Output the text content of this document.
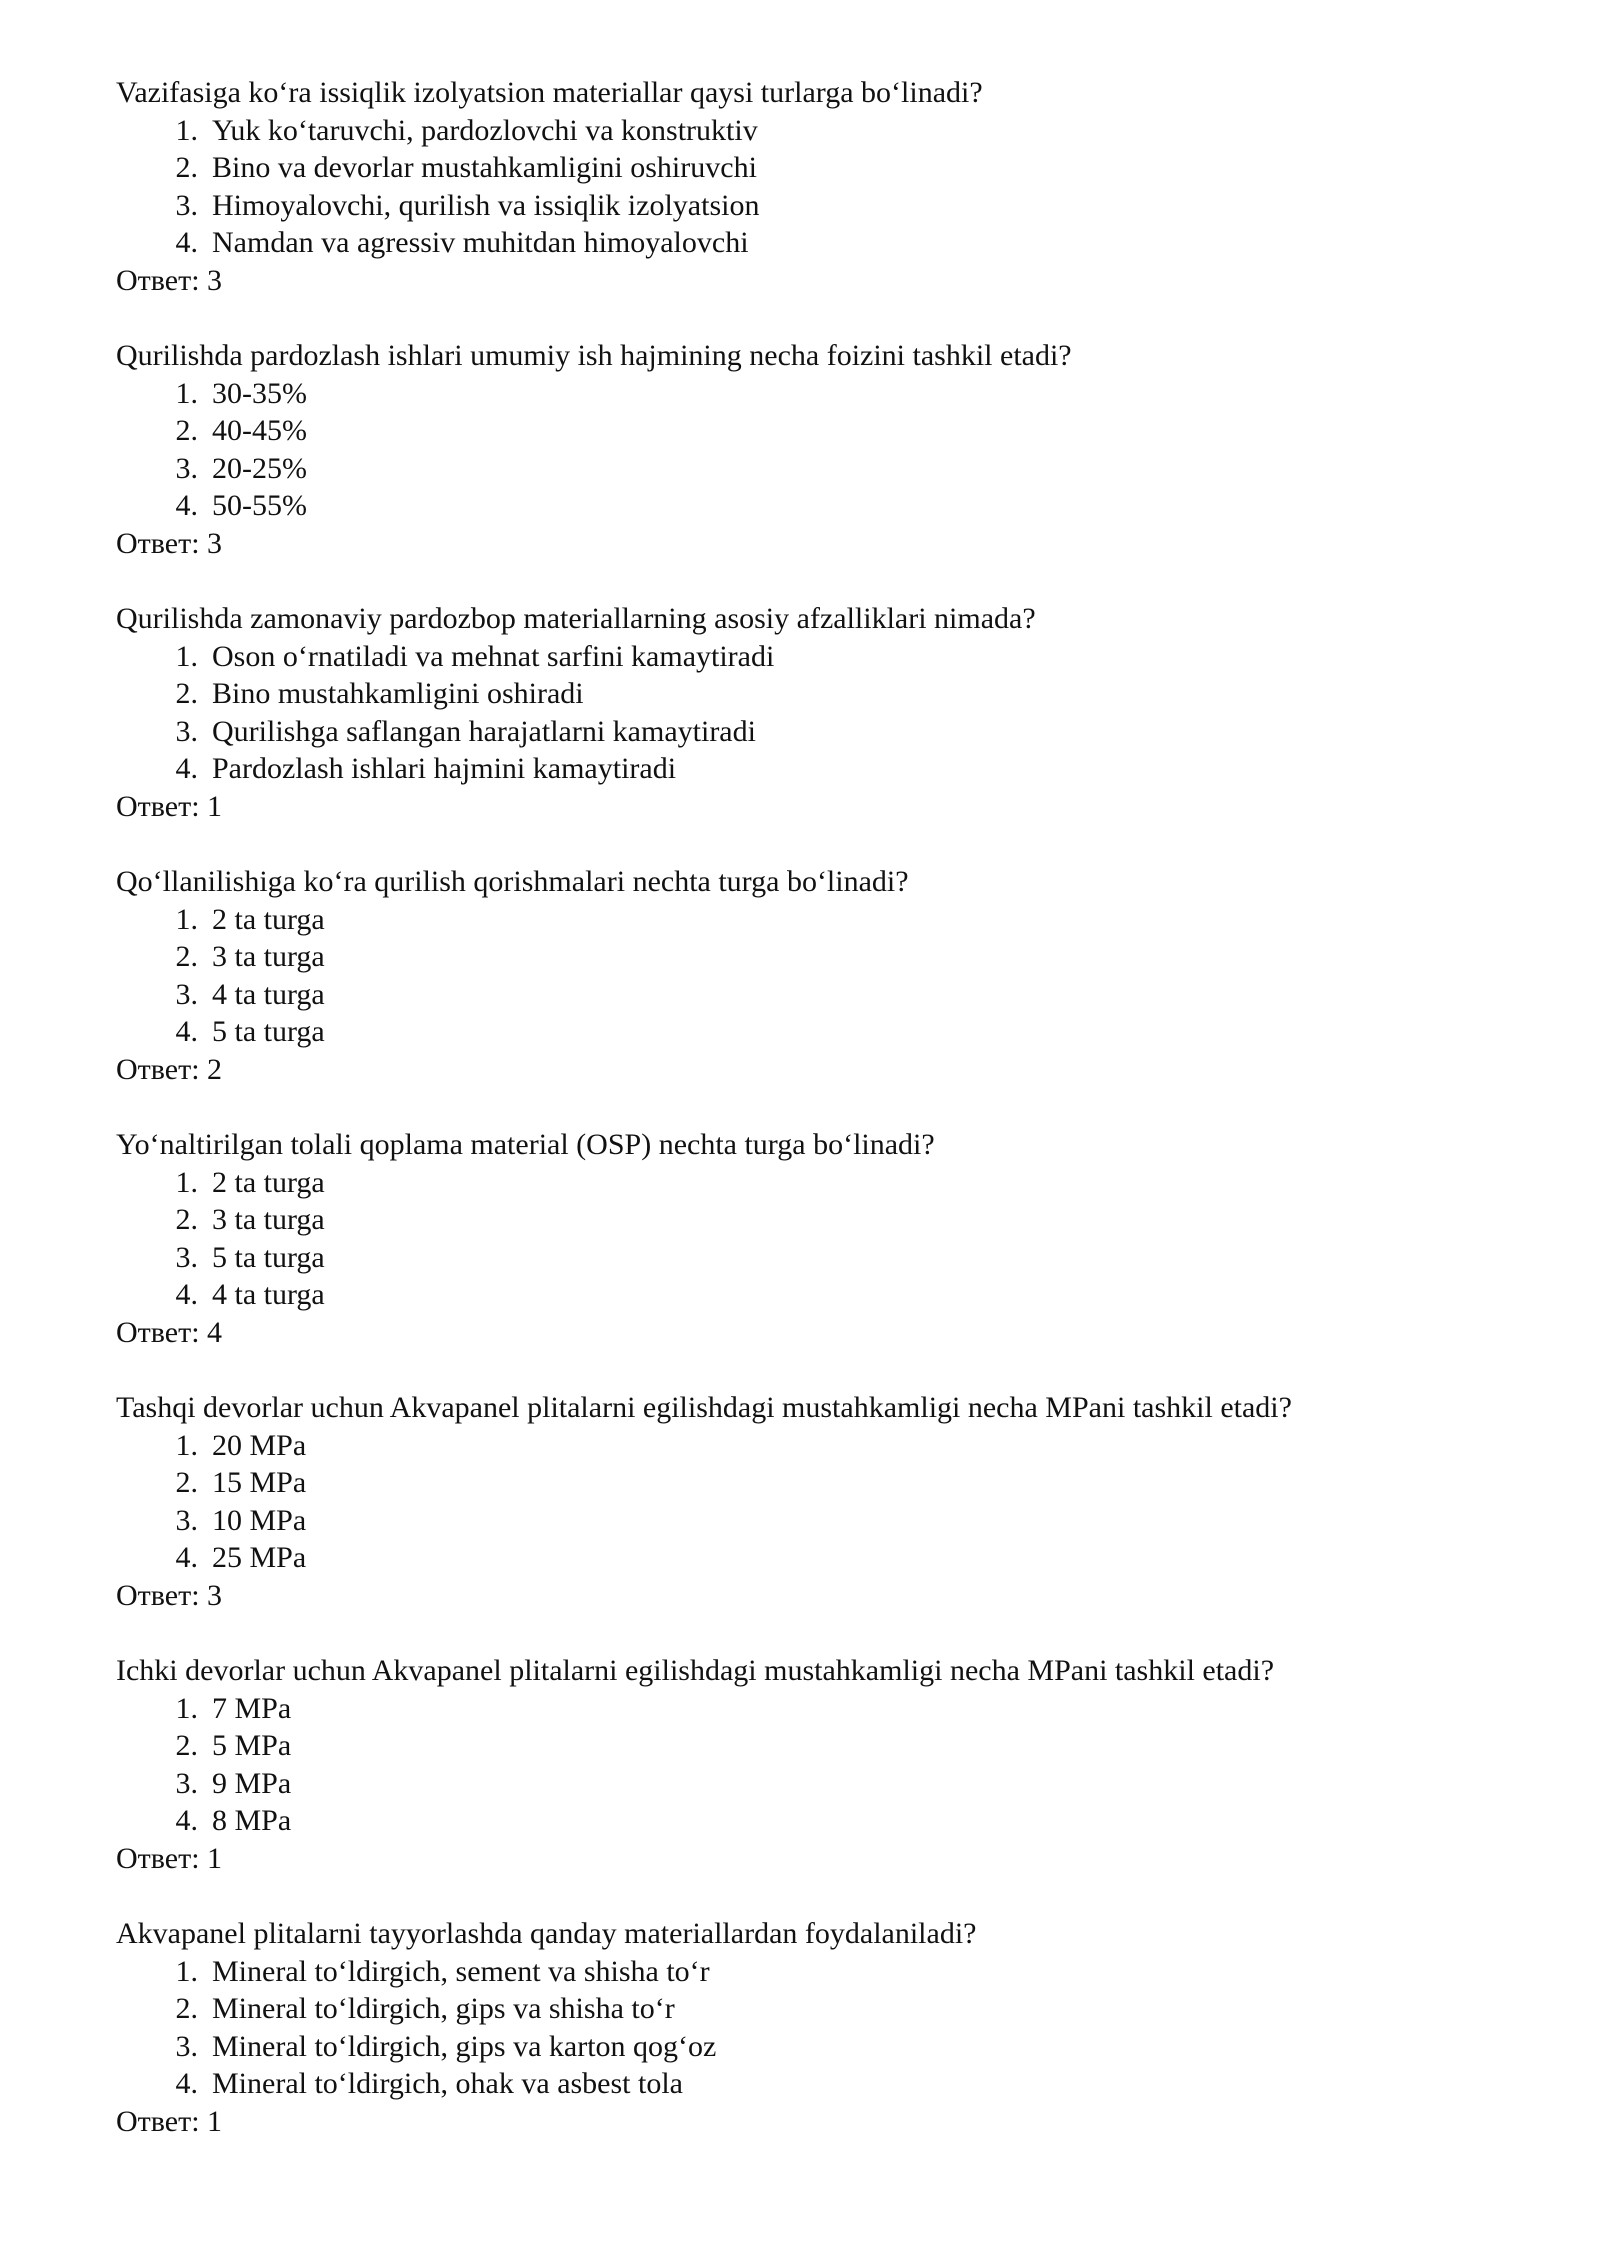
Vazifasiga koʻra issiqlik izolyatsion materiallar qaysi turlarga boʻlinadi?

1. Yuk koʻtaruvchi, pardozlovchi va konstruktiv
2. Bino va devorlar mustahkamligini oshiruvchi
3. Himoyalovchi, qurilish va issiqlik izolyatsion
4. Namdan va agressiv muhitdan himoyalovchi

Ответ: 3

Qurilishda pardozlash ishlari umumiy ish hajmining necha foizini tashkil etadi?

1. 30-35%
2. 40-45%
3. 20-25%
4. 50-55%

Ответ: 3

Qurilishda zamonaviy pardozbop materiallarning asosiy afzalliklari nimada?

1. Oson oʻrnatiladi va mehnat sarfini kamaytiradi
2. Bino mustahkamligini oshiradi
3. Qurilishga saflangan harajatlarni kamaytiradi
4. Pardozlash ishlari hajmini kamaytiradi

Ответ: 1

Qoʻllanilishiga koʻra qurilish qorishmalari nechta turga boʻlinadi?

1. 2 ta turga
2. 3 ta turga
3. 4 ta turga
4. 5 ta turga

Ответ: 2

Yoʻnaltirilgan tolali qoplama material (OSP) nechta turga boʻlinadi?

1. 2 ta turga
2. 3 ta turga
3. 5 ta turga
4. 4 ta turga

Ответ: 4

Tashqi devorlar uchun Akvapanel plitalarni egilishdagi mustahkamligi necha MPani tashkil etadi?

1. 20 MPa
2. 15 MPa
3. 10 MPa
4. 25 MPa

Ответ: 3

Ichki devorlar uchun Akvapanel plitalarni egilishdagi mustahkamligi necha MPani tashkil etadi?

1. 7 MPa
2. 5 MPa
3. 9 MPa
4. 8 MPa

Ответ: 1

Akvapanel plitalarni tayyorlashda qanday materiallardan foydalaniladi?

1. Mineral toʻldirgich, sement va shisha toʻr
2. Mineral toʻldirgich, gips va shisha toʻr
3. Mineral toʻldirgich, gips va karton qogʻoz
4. Mineral toʻldirgich, ohak va asbest tola

Ответ: 1
